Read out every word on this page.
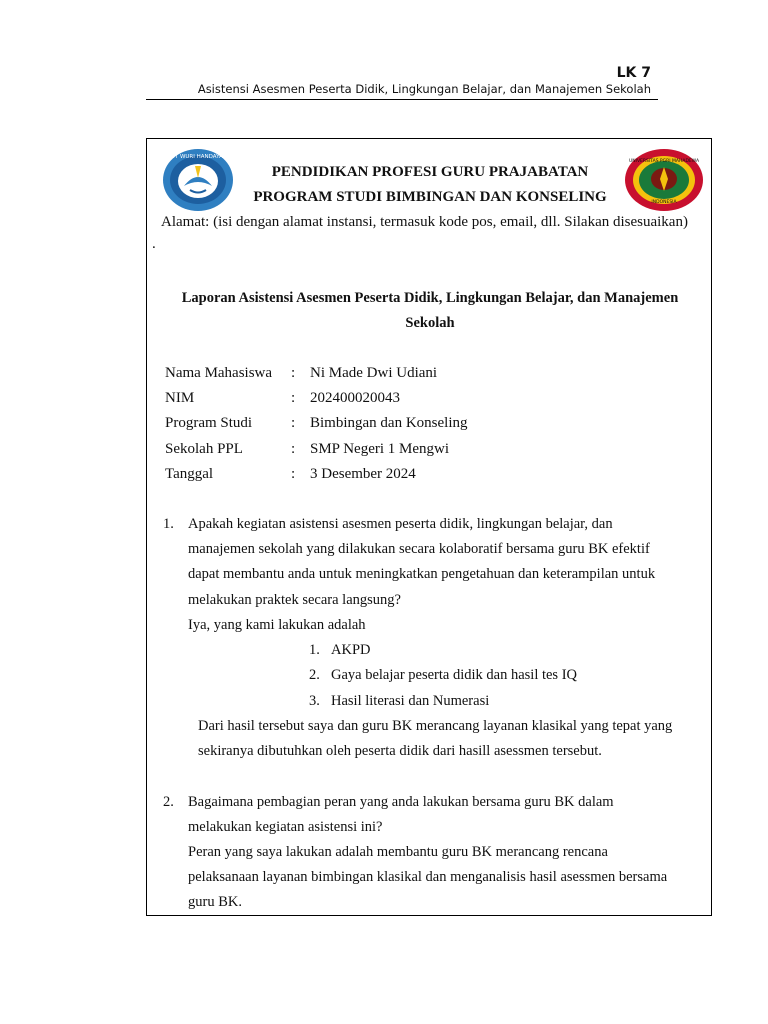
LK 7
Asistensi Asesmen Peserta Didik, Lingkungan Belajar, dan Manajemen Sekolah
TUT WURI HANDAYANI
UNIVERSITAS PGRI MAHADEWA
INDONESIA
PENDIDIKAN PROFESI GURU PRAJABATAN
PROGRAM STUDI BIMBINGAN DAN KONSELING
Alamat: (isi dengan alamat instansi, termasuk kode pos, email, dll. Silakan disesuaikan)
.
Laporan Asistensi Asesmen Peserta Didik, Lingkungan Belajar, dan Manajemen
Sekolah
Nama Mahasiswa : Ni Made Dwi Udiani
NIM	: 202400020043
Program Studi	: Bimbingan dan Konseling
Sekolah PPL	: SMP Negeri 1 Mengwi
Tanggal	: 3 Desember 2024
1. Apakah kegiatan asistensi asesmen peserta didik, lingkungan belajar, dan
manajemen sekolah yang dilakukan secara kolaboratif bersama guru BK efektif
dapat membantu anda untuk meningkatkan pengetahuan dan keterampilan untuk
melakukan praktek secara langsung?
Iya, yang kami lakukan adalah
1. AKPD
2. Gaya belajar peserta didik dan hasil tes IQ
3. Hasil literasi dan Numerasi
Dari hasil tersebut saya dan guru BK merancang layanan klasikal yang tepat yang
sekiranya dibutuhkan oleh peserta didik dari hasill asessmen tersebut.
2. Bagaimana pembagian peran yang anda lakukan bersama guru BK dalam
melakukan kegiatan asistensi ini?
Peran yang saya lakukan adalah membantu guru BK merancang rencana
pelaksanaan layanan bimbingan klasikal dan menganalisis hasil asessmen bersama
guru BK.
